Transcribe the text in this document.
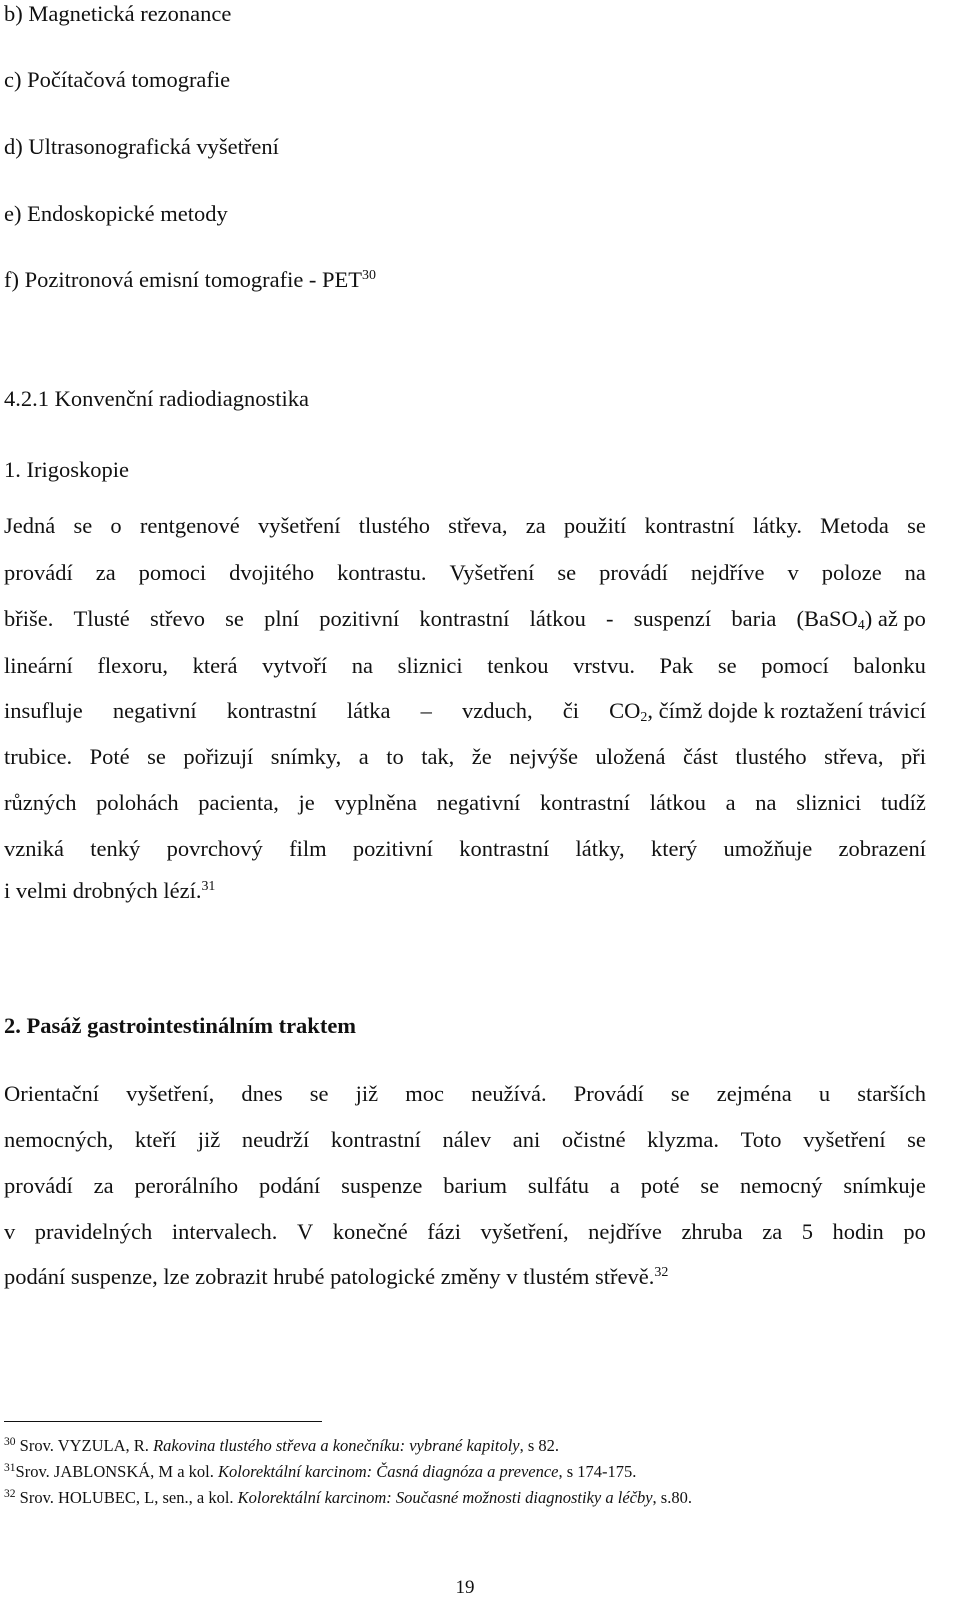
b) Magnetická rezonance

c) Počítačová tomografie

d) Ultrasonografická vyšetření

e) Endoskopické metody

f) Pozitronová emisní tomografie - PET$^{30}$

4.2.1 Konvenční radiodiagnostika

1. Irigoskopie

Jedná se o rentgenové vyšetření tlustého střeva, za použití kontrastní látky. Metoda se

provádí za pomoci dvojitého kontrastu. Vyšetření se provádí nejdříve v poloze na

břiše. Tlusté střevo se plní pozitivní kontrastní látkou - suspenzí baria (BaSO$_4$) až po

lineární flexoru, která vytvoří na sliznici tenkou vrstvu. Pak se pomocí balonku

insufluje negativní kontrastní látka – vzduch, či $CO_2$, čímž dojde k roztažení trávicí

trubice. Poté se pořizují snímky, a to tak, že nejvýše uložená část tlustého střeva, při

různých polohách pacienta, je vyplněna negativní kontrastní látkou a na sliznici tudíž

vzniká tenký povrchový film pozitivní kontrastní látky, který umožňuje zobrazení

i velmi drobných lézí.$^{31}$

2. Pasáž gastrointestinálním traktem

Orientační vyšetření, dnes se již moc neužívá. Provádí se zejména u starších

nemocných, kteří již neudrží kontrastní nálev ani očistné klyzma. Toto vyšetření se

provádí za perorálního podání suspenze barium sulfátu a poté se nemocný snímkuje

v pravidelných intervalech. V konečné fázi vyšetření, nejdříve zhruba za 5 hodin po

podání suspenze, lze zobrazit hrubé patologické změny v tlustém střevě.$^{32}$

$^{30}$ Srov. VYZULA, R. Rakovina tlustého střeva a konečníku: vybrané kapitoly, s 82.

$^{31}$Srov. JABLONSKÁ, M a kol. Kolorektální karcinom: Časná diagnóza a prevence, s 174-175.

$^{32}$ Srov. HOLUBEC, L, sen., a kol. Kolorektální karcinom: Současné možnosti diagnostiky a léčby, s.80.

19
